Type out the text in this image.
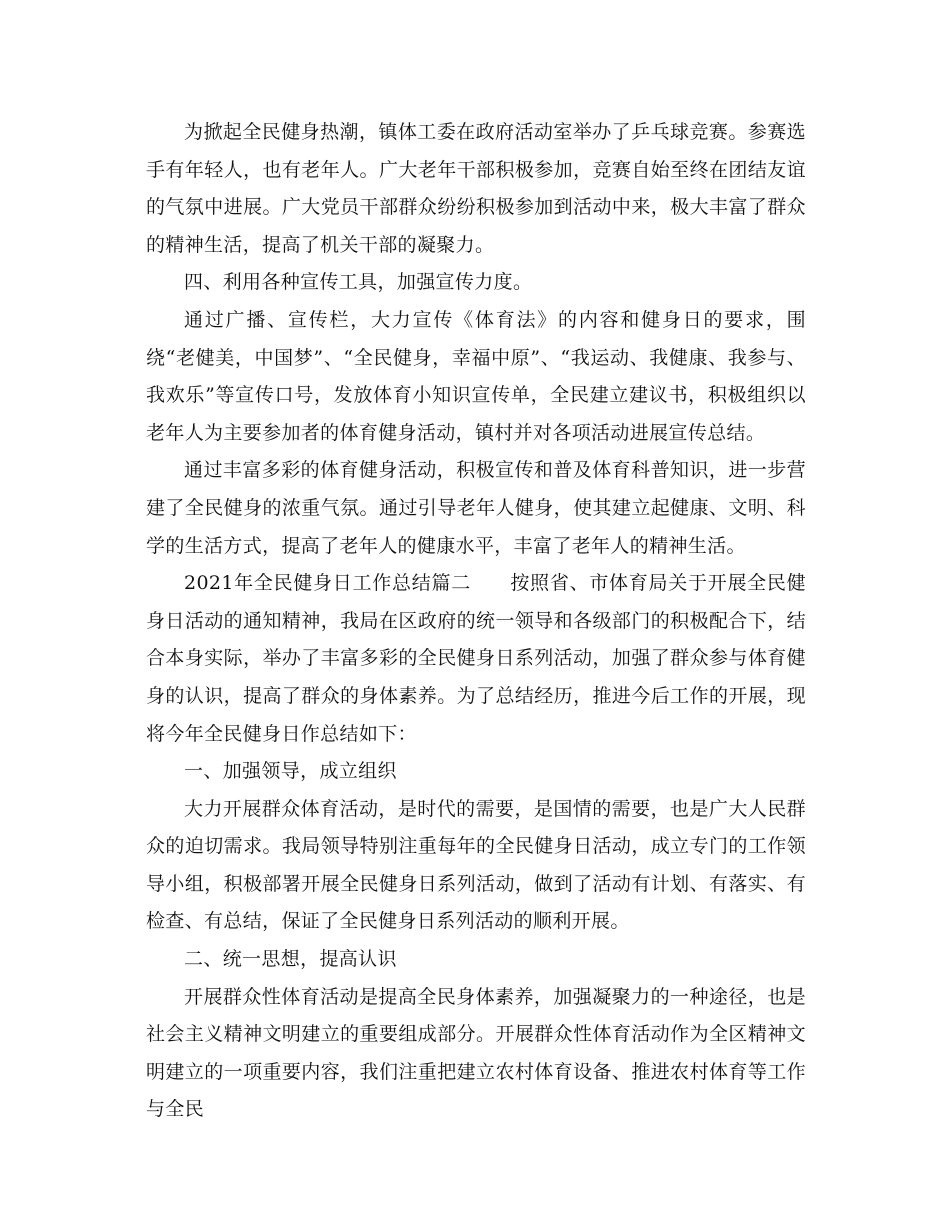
为掀起全民健身热潮，镇体工委在政府活动室举办了乒乓球竞赛。参赛选手有年轻人，也有老年人。广大老年干部积极参加，竞赛自始至终在团结友谊的气氛中进展。广大党员干部群众纷纷积极参加到活动中来，极大丰富了群众的精神生活，提高了机关干部的凝聚力。

四、利用各种宣传工具，加强宣传力度。

通过广播、宣传栏，大力宣传《体育法》的内容和健身日的要求，围绕“老健美，中国梦”、“全民健身，幸福中原”、“我运动、我健康、我参与、我欢乐”等宣传口号，发放体育小知识宣传单，全民建立建议书，积极组织以老年人为主要参加者的体育健身活动，镇村并对各项活动进展宣传总结。

通过丰富多彩的体育健身活动，积极宣传和普及体育科普知识，进一步营建了全民健身的浓重气氛。通过引导老年人健身，使其建立起健康、文明、科学的生活方式，提高了老年人的健康水平，丰富了老年人的精神生活。

2021年全民健身日工作总结篇二　　按照省、市体育局关于开展全民健身日活动的通知精神，我局在区政府的统一领导和各级部门的积极配合下，结合本身实际，举办了丰富多彩的全民健身日系列活动，加强了群众参与体育健身的认识，提高了群众的身体素养。为了总结经历，推进今后工作的开展，现将今年全民健身日作总结如下：

一、加强领导，成立组织

大力开展群众体育活动，是时代的需要，是国情的需要，也是广大人民群众的迫切需求。我局领导特别注重每年的全民健身日活动，成立专门的工作领导小组，积极部署开展全民健身日系列活动，做到了活动有计划、有落实、有检查、有总结，保证了全民健身日系列活动的顺利开展。

二、统一思想，提高认识

开展群众性体育活动是提高全民身体素养，加强凝聚力的一种途径，也是社会主义精神文明建立的重要组成部分。开展群众性体育活动作为全区精神文明建立的一项重要内容，我们注重把建立农村体育设备、推进农村体育等工作与全民
